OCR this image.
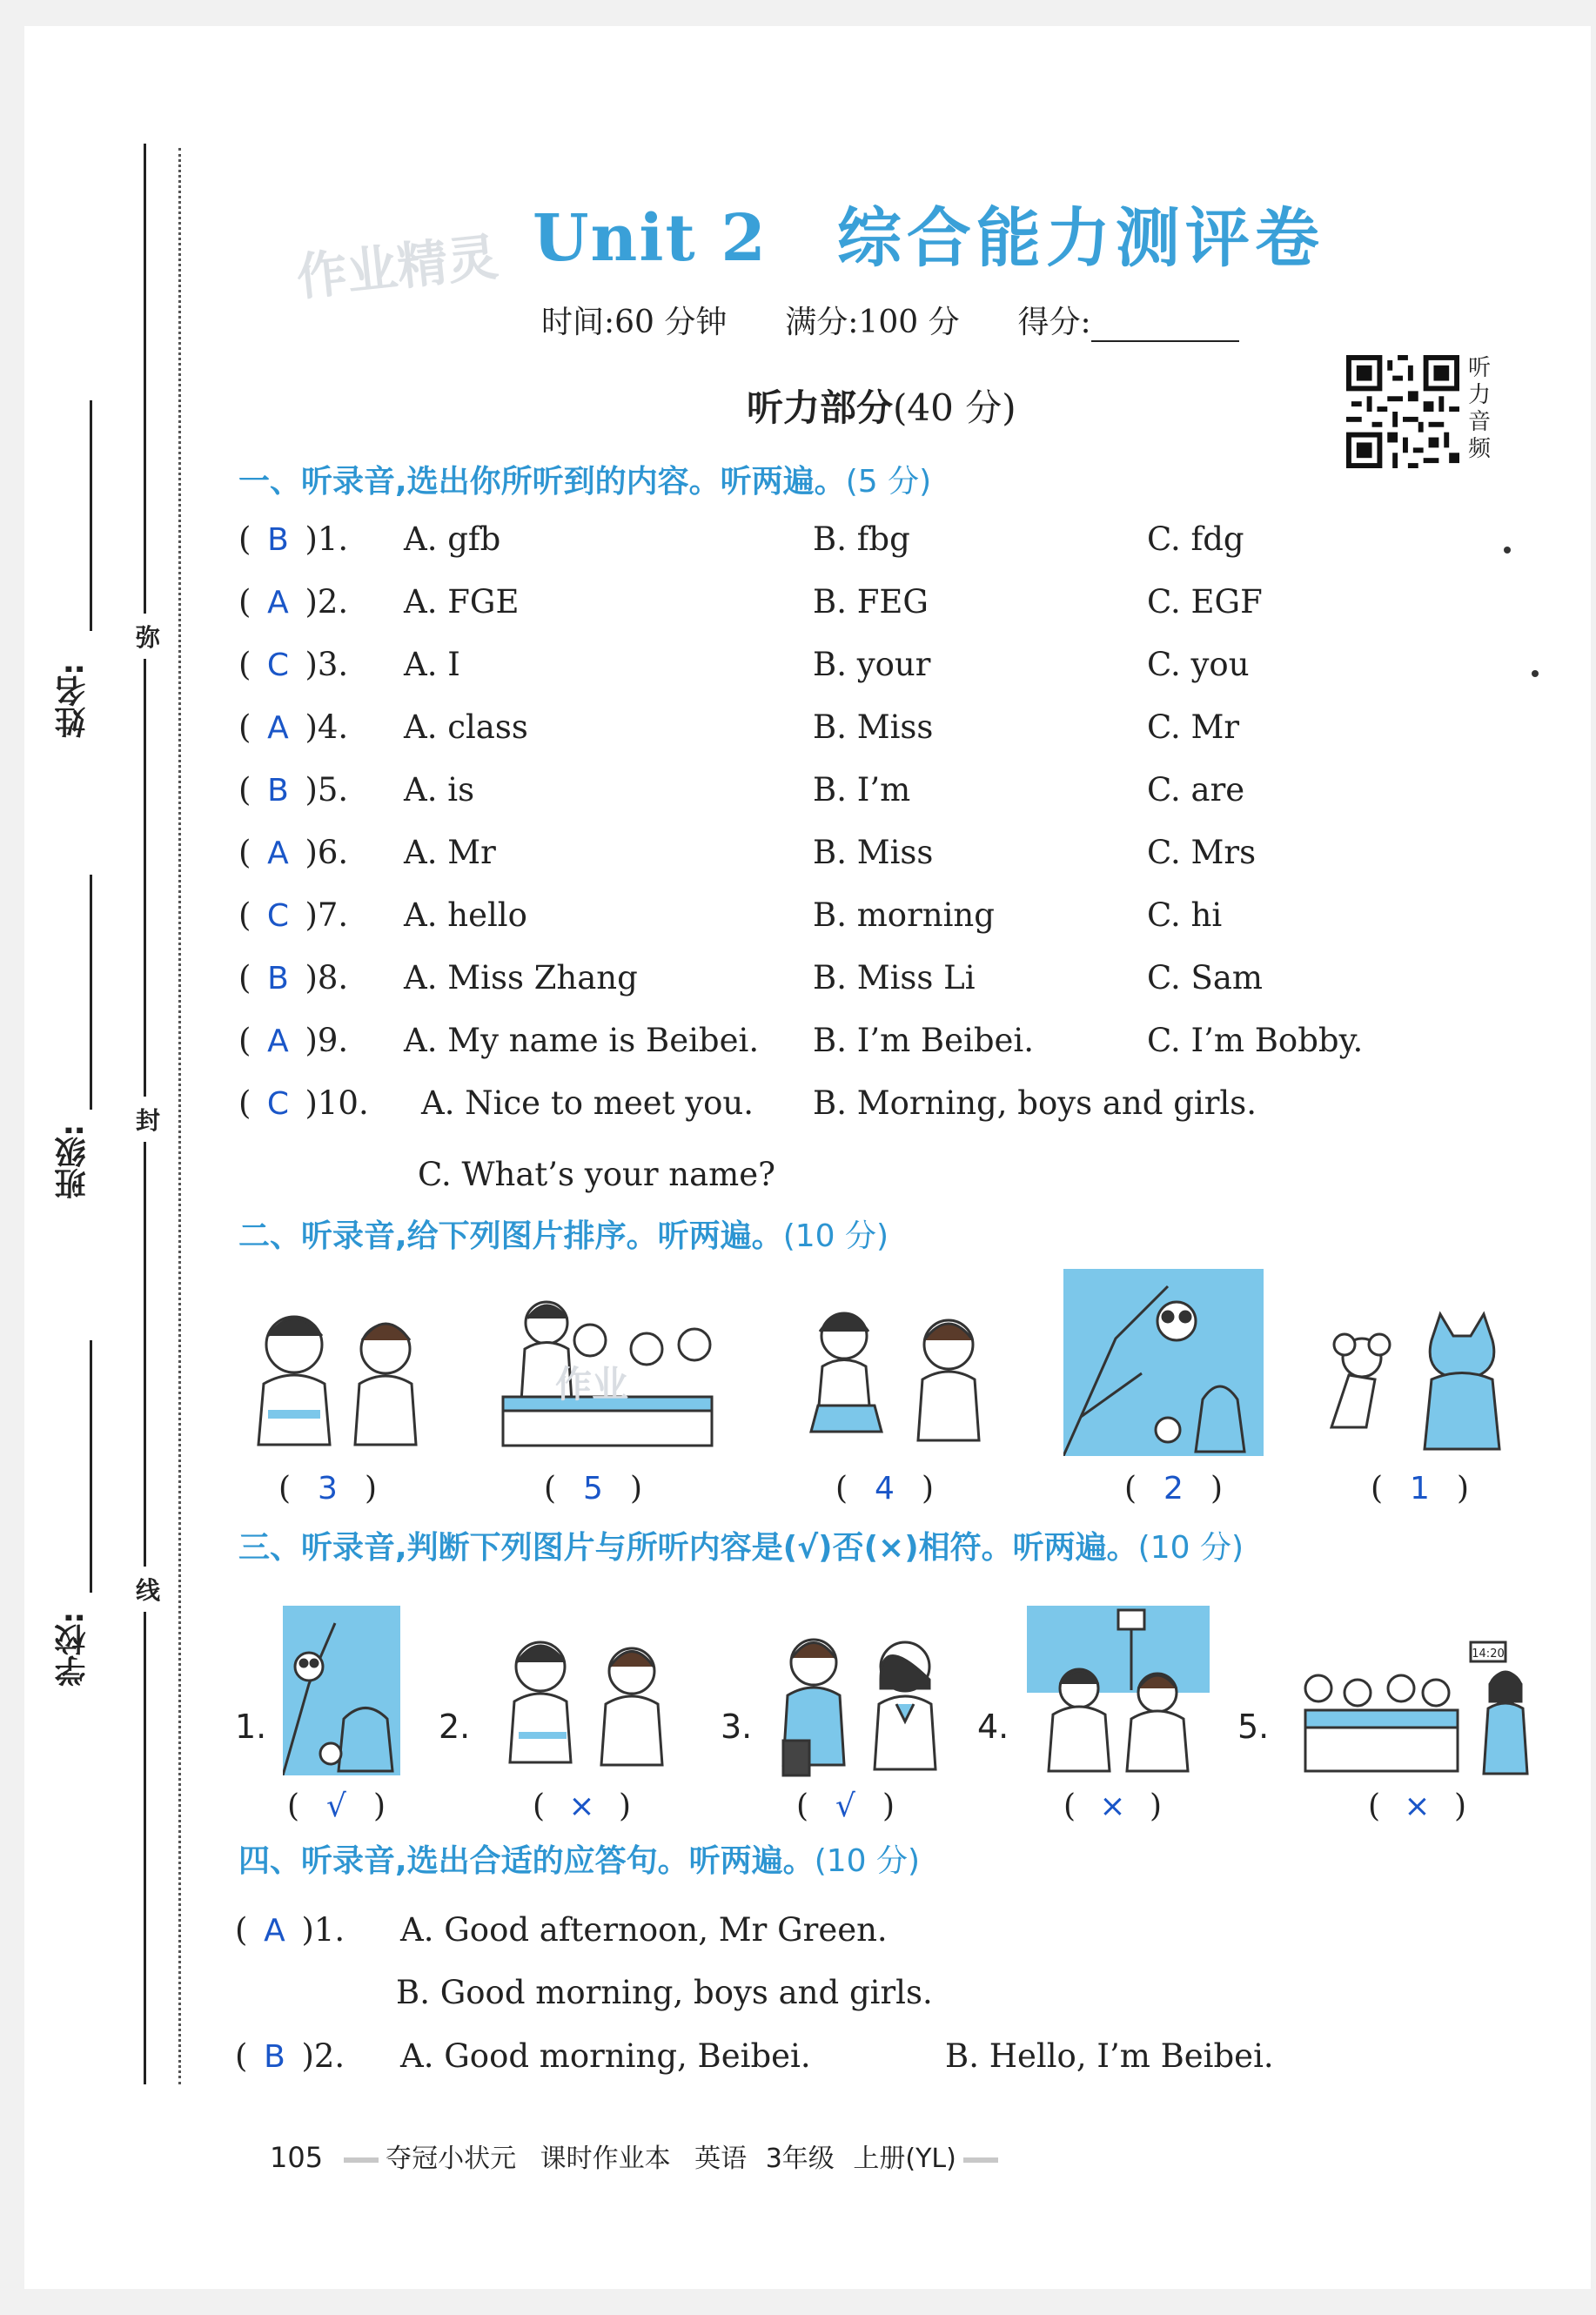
姓名:
班级:
学校:
弥
封
线
作业精灵 Unit 2 综合能力测评卷
时间:60 分钟 满分:100 分 得分:
听
力
音
频
听力部分(40 分)
一、听录音,选出你所听到的内容。听两遍。(5 分)
( B )1. A. gfb	B. fbg	C. fdg
( A )2. A. FGE	B. FEG	C. EGF
( C )3. A. I	B. your	C. you
( A )4. A. class	B. Miss	C. Mr
( B )5. A. is	B. I’m	C. are
( A )6. A. Mr	B. Miss	C. Mrs
( C )7. A. hello	B. morning	C. hi
( B )8. A. Miss Zhang	B. Miss Li	C. Sam
( A )9. A. My name is Beibei. B. I’m Beibei.	C. I’m Bobby.
( C )10. A. Nice to meet you. B. Morning, boys and girls.
C. What’s your name?
二、听录音,给下列图片排序。听两遍。(10 分)
作业
( 3 )	( 5 )	( 4 )	( 2 )	( 1 )
三、听录音,判断下列图片与所听内容是(√)否(×)相符。听两遍。(10 分)
1.	2.	3.	4.	5.
14:20
( √ )	( × )	( √ )	( × )	( × )
四、听录音,选出合适的应答句。听两遍。(10 分)
( A )1. A. Good afternoon, Mr Green.
B. Good morning, boys and girls.
( B )2. A. Good morning, Beibei.	B. Hello, I’m Beibei.
105 夺冠小状元 课时作业本 英语 3年级 上册(YL)
